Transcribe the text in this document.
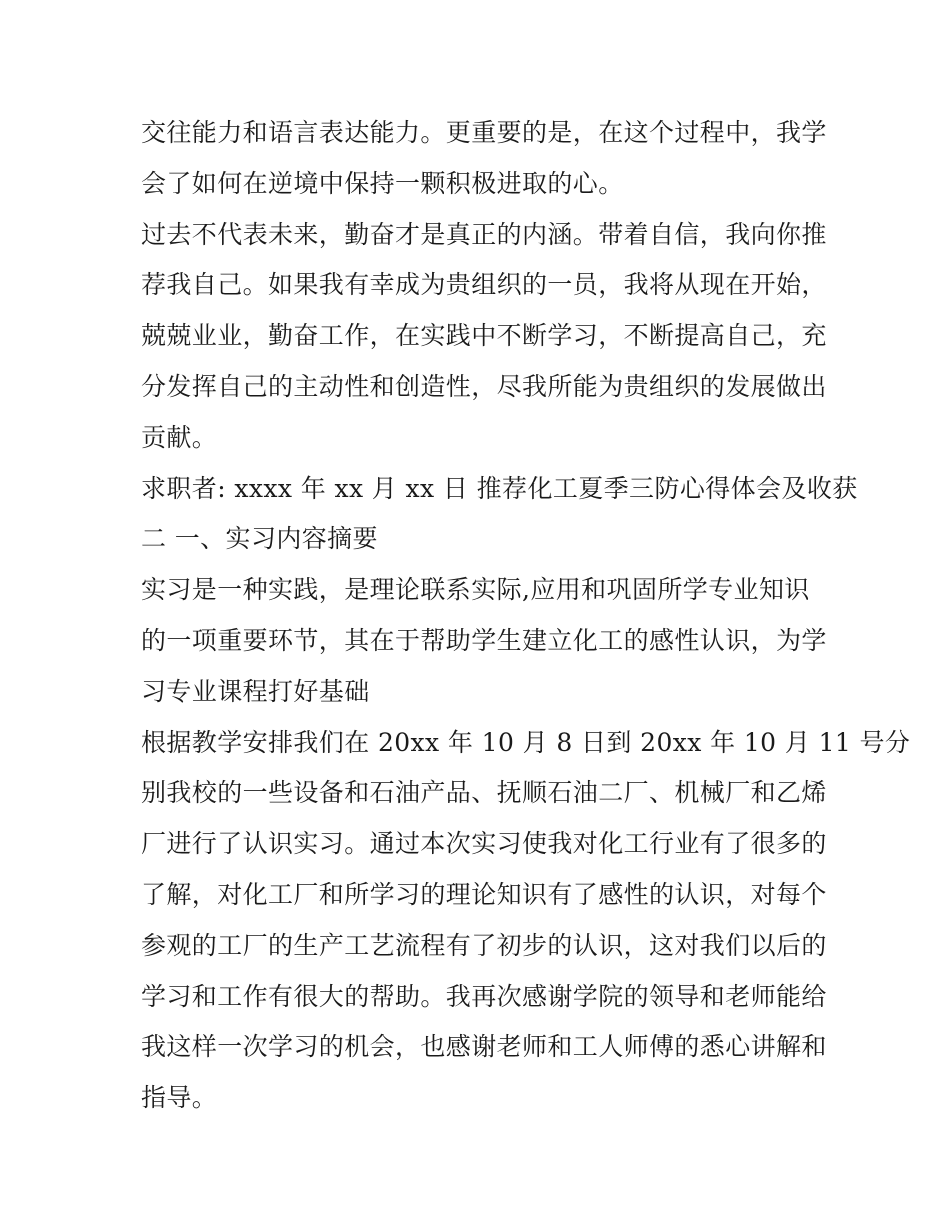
交往能力和语言表达能力。更重要的是，在这个过程中，我学
会了如何在逆境中保持一颗积极进取的心。
过去不代表未来，勤奋才是真正的内涵。带着自信，我向你推
荐我自己。如果我有幸成为贵组织的一员，我将从现在开始，
兢兢业业，勤奋工作，在实践中不断学习，不断提高自己，充
分发挥自己的主动性和创造性，尽我所能为贵组织的发展做出
贡献。
求职者: xxxx 年 xx 月 xx 日 推荐化工夏季三防心得体会及收获
二 一、实习内容摘要
实习是一种实践，是理论联系实际,应用和巩固所学专业知识
的一项重要环节，其在于帮助学生建立化工的感性认识，为学
习专业课程打好基础
根据教学安排我们在 20xx 年 10 月 8 日到 20xx 年 10 月 11 号分
别我校的一些设备和石油产品、抚顺石油二厂、机械厂和乙烯
厂进行了认识实习。通过本次实习使我对化工行业有了很多的
了解，对化工厂和所学习的理论知识有了感性的认识，对每个
参观的工厂的生产工艺流程有了初步的认识，这对我们以后的
学习和工作有很大的帮助。我再次感谢学院的领导和老师能给
我这样一次学习的机会，也感谢老师和工人师傅的悉心讲解和
指导。
